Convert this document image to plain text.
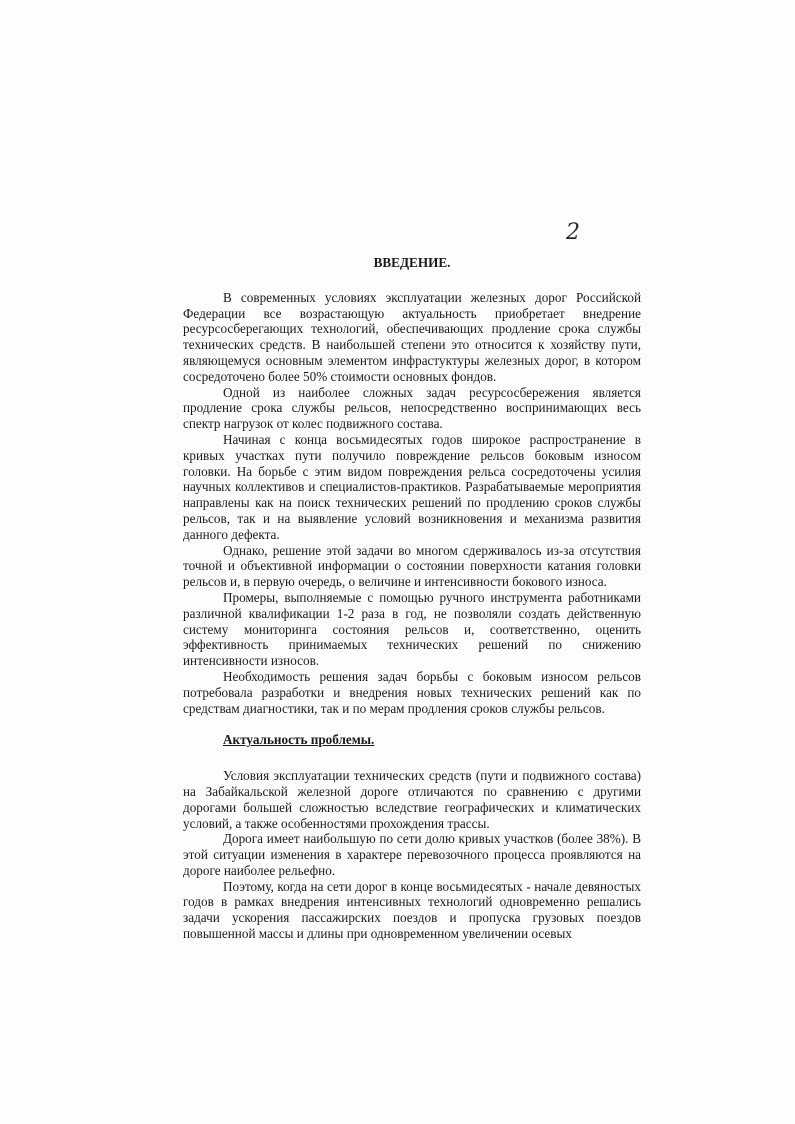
2
ВВЕДЕНИЕ.

В современных условиях эксплуатации железных дорог Российской Федерации все возрастающую актуальность приобретает внедрение ресурсосберегающих технологий, обеспечивающих продление срока службы технических средств. В наибольшей степени это относится к хозяйству пути, являющемуся основным элементом инфрастуктуры железных дорог, в котором сосредоточено более 50% стоимости основных фондов.

Одной из наиболее сложных задач ресурсосбережения является продление срока службы рельсов, непосредственно воспринимающих весь спектр нагрузок от колес подвижного состава.

Начиная с конца восьмидесятых годов широкое распространение в кривых участках пути получило повреждение рельсов боковым износом головки. На борьбе с этим видом повреждения рельса сосредоточены усилия научных коллективов и специалистов-практиков. Разрабатываемые мероприятия направлены как на поиск технических решений по продлению сроков службы рельсов, так и на выявление условий возникновения и механизма развития данного дефекта.

Однако, решение этой задачи во многом сдерживалось из-за отсутствия точной и объективной информации о состоянии поверхности катания головки рельсов и, в первую очередь, о величине и интенсивности бокового износа.

Промеры, выполняемые с помощью ручного инструмента работниками различной квалификации 1-2 раза в год, не позволяли создать действенную систему мониторинга состояния рельсов и, соответственно, оценить эффективность принимаемых технических решений по снижению интенсивности износов.

Необходимость решения задач борьбы с боковым износом рельсов потребовала разработки и внедрения новых технических решений как по средствам диагностики, так и по мерам продления сроков службы рельсов.

Актуальность проблемы.

Условия эксплуатации технических средств (пути и подвижного состава) на Забайкальской железной дороге отличаются по сравнению с другими дорогами большей сложностью вследствие географических и климатических условий, а также особенностями прохождения трассы.

Дорога имеет наибольшую по сети долю кривых участков (более 38%). В этой ситуации изменения в характере перевозочного процесса проявляются на дороге наиболее рельефно.

Поэтому, когда на сети дорог в конце восьмидесятых - начале девяностых годов в рамках внедрения интенсивных технологий одновременно решались задачи ускорения пассажирских поездов и пропуска грузовых поездов повышенной массы и длины при одновременном увеличении осевых
